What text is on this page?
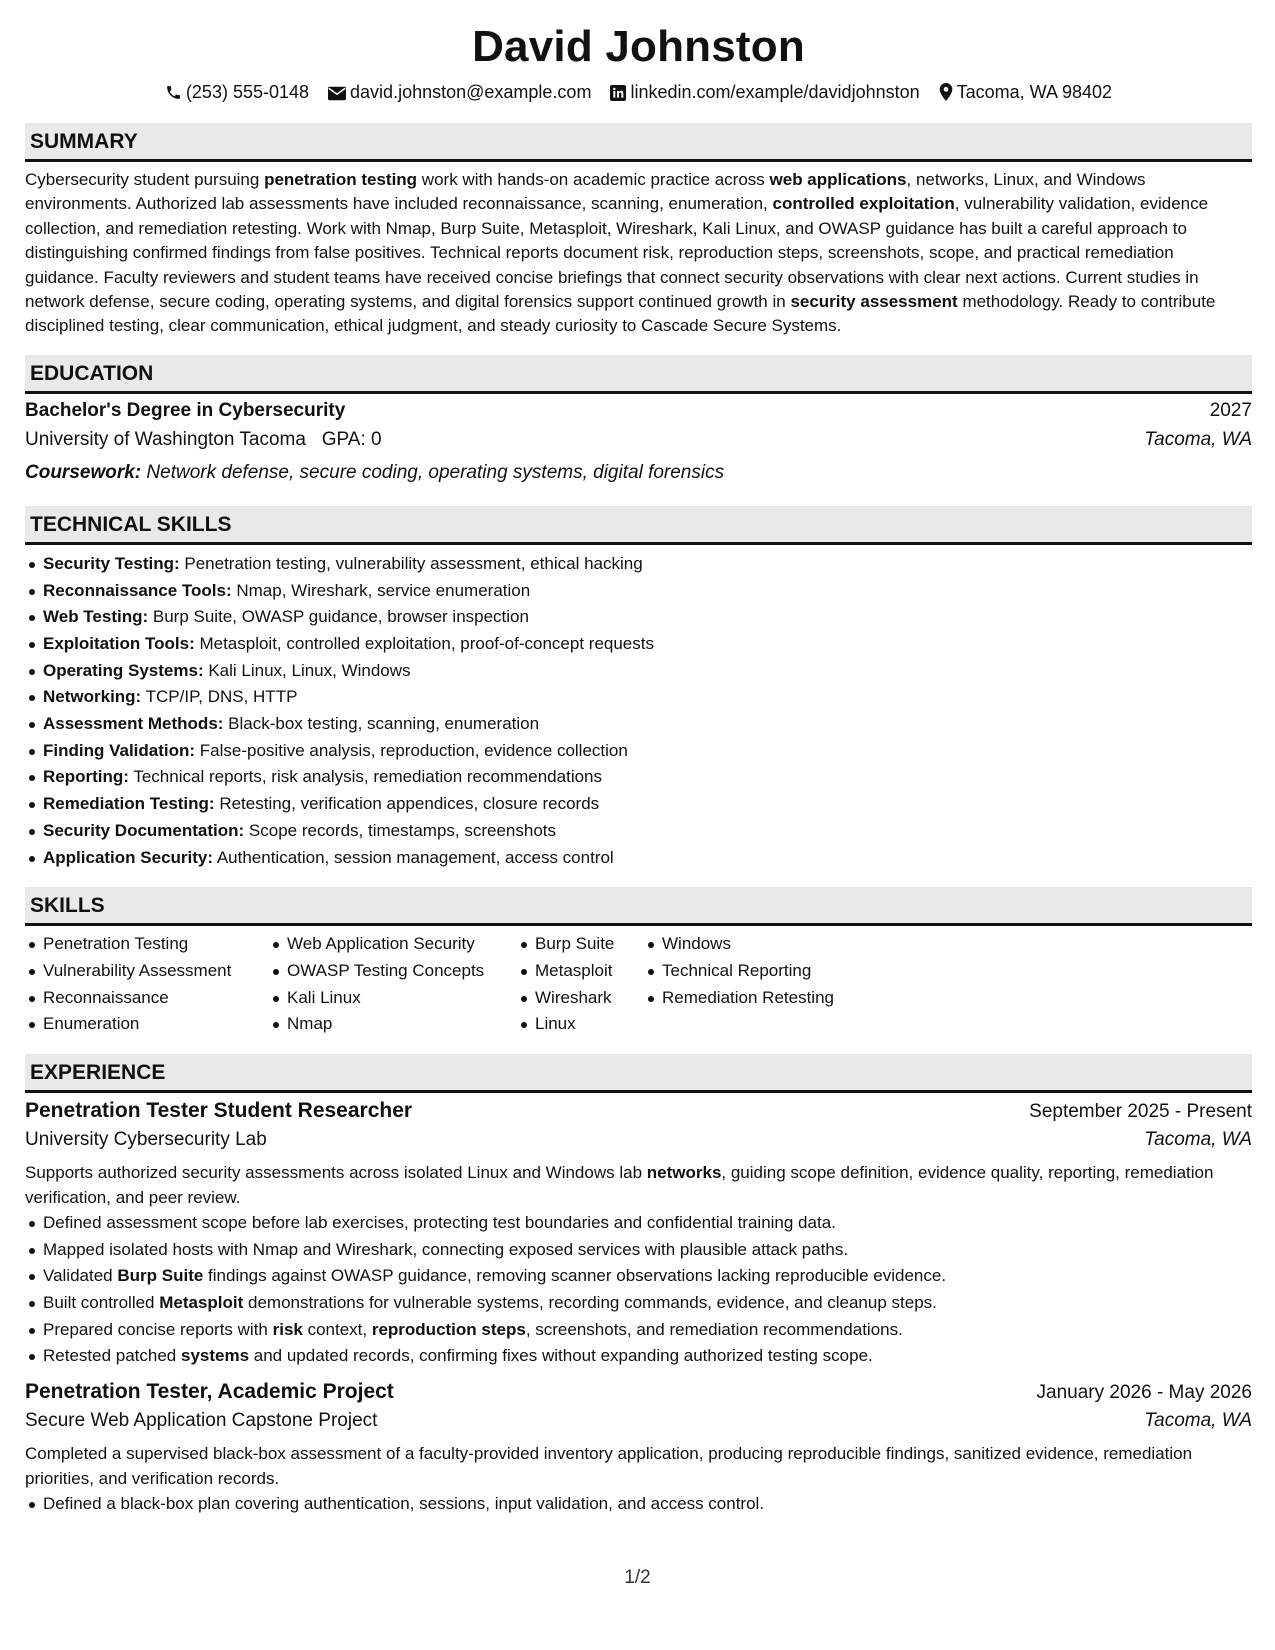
David Johnston
(253) 555-0148 david.johnston@example.com linkedin.com/example/davidjohnston Tacoma, WA 98402
SUMMARY

Cybersecurity student pursuing penetration testing work with hands-on academic practice across web applications, networks, Linux, and Windows environments. Authorized lab assessments have included reconnaissance, scanning, enumeration, controlled exploitation, vulnerability validation, evidence collection, and remediation retesting. Work with Nmap, Burp Suite, Metasploit, Wireshark, Kali Linux, and OWASP guidance has built a careful approach to distinguishing confirmed findings from false positives. Technical reports document risk, reproduction steps, screenshots, scope, and practical remediation guidance. Faculty reviewers and student teams have received concise briefings that connect security observations with clear next actions. Current studies in network defense, secure coding, operating systems, and digital forensics support continued growth in security assessment methodology. Ready to contribute disciplined testing, clear communication, ethical judgment, and steady curiosity to Cascade Secure Systems.

EDUCATION
Bachelor's Degree in Cybersecurity	2027
University of Washington Tacoma GPA: 0	Tacoma, WA
Coursework: Network defense, secure coding, operating systems, digital forensics
TECHNICAL SKILLS
Security Testing: Penetration testing, vulnerability assessment, ethical hacking
Reconnaissance Tools: Nmap, Wireshark, service enumeration
Web Testing: Burp Suite, OWASP guidance, browser inspection
Exploitation Tools: Metasploit, controlled exploitation, proof-of-concept requests
Operating Systems: Kali Linux, Linux, Windows
Networking: TCP/IP, DNS, HTTP
Assessment Methods: Black-box testing, scanning, enumeration
Finding Validation: False-positive analysis, reproduction, evidence collection
Reporting: Technical reports, risk analysis, remediation recommendations
Remediation Testing: Retesting, verification appendices, closure records
Security Documentation: Scope records, timestamps, screenshots
Application Security: Authentication, session management, access control
SKILLS
Penetration Testing
Vulnerability Assessment
Reconnaissance
Enumeration
Web Application Security
OWASP Testing Concepts
Kali Linux
Nmap
Burp Suite
Metasploit
Wireshark
Linux
Windows
Technical Reporting
Remediation Retesting
EXPERIENCE
Penetration Tester Student Researcher	September 2025 - Present
University Cybersecurity Lab	Tacoma, WA

Supports authorized security assessments across isolated Linux and Windows lab networks, guiding scope definition, evidence quality, reporting, remediation verification, and peer review.

Defined assessment scope before lab exercises, protecting test boundaries and confidential training data.
Mapped isolated hosts with Nmap and Wireshark, connecting exposed services with plausible attack paths.
Validated Burp Suite findings against OWASP guidance, removing scanner observations lacking reproducible evidence.
Built controlled Metasploit demonstrations for vulnerable systems, recording commands, evidence, and cleanup steps.
Prepared concise reports with risk context, reproduction steps, screenshots, and remediation recommendations.
Retested patched systems and updated records, confirming fixes without expanding authorized testing scope.
Penetration Tester, Academic Project	January 2026 - May 2026
Secure Web Application Capstone Project	Tacoma, WA

Completed a supervised black-box assessment of a faculty-provided inventory application, producing reproducible findings, sanitized evidence, remediation priorities, and verification records.

Defined a black-box plan covering authentication, sessions, input validation, and access control.
1/2
